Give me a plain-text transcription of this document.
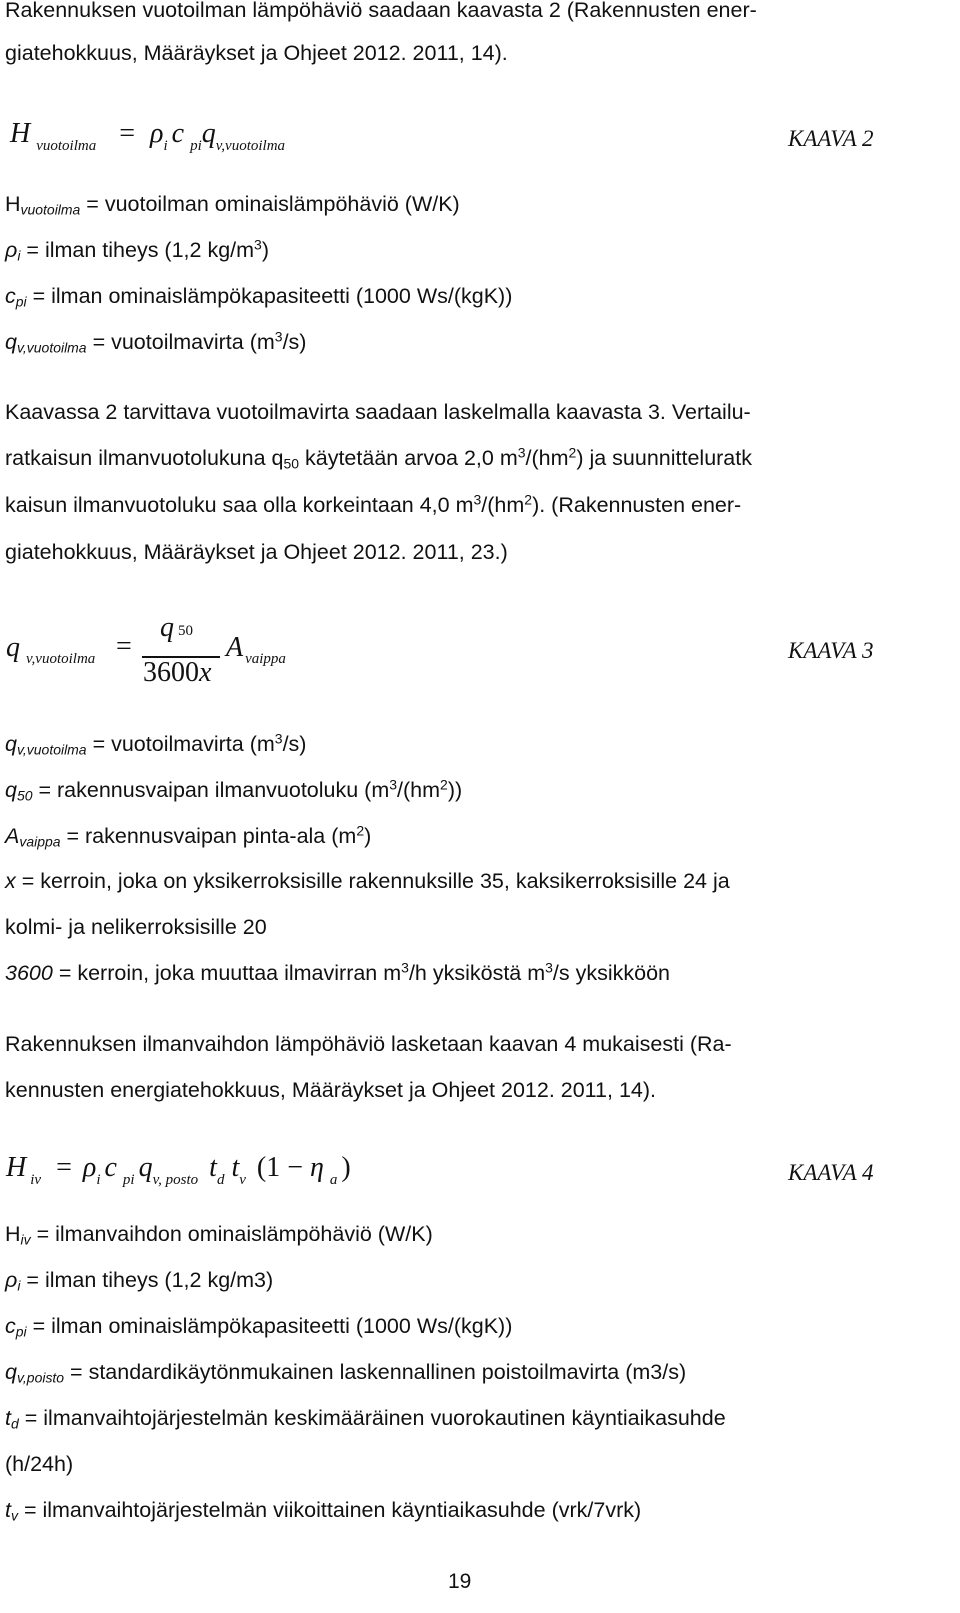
Rakennuksen vuotoilman lämpöhäviö saadaan kaavasta 2 (Rakennusten ener-
giatehokkuus, Määräykset ja Ohjeet 2012. 2011, 14).
H $_{vuotoilma} = \rho_i$ c $_{pi}q_{v,vuotoilma}$	KAAVA 2
$H_{vuotoilma}$ = vuotoilman ominaislämpöhäviö (W/K)
$\rho_i$ = ilman tiheys (1,2 $kg/m^3$)
$c_{pi}$ = ilman ominaislämpökapasiteetti (1000 Ws/(kgK))
$q_{v,vuotoilma}$ = vuotoilmavirta $(m^3/s)$
Kaavassa 2 tarvittava vuotoilmavirta saadaan laskelmalla kaavasta 3. Vertailu-
ratkaisun ilmanvuotolukuna $q_{50}$ käytetään arvoa 2,0 $m^3/(hm^2)$ ja suunnitteluratk
kaisun ilmanvuotoluku saa olla korkeintaan 4,0 $m^3/(hm^2)$. (Rakennusten ener-
giatehokkuus, Määräykset ja Ohjeet 2012. 2011, 23.)
q $_{v,vuotoilma}$ =
q 50
3600x
A $_{vaippa}$	KAAVA 3
$q_{v,vuotoilma}$ = vuotoilmavirta $(m^3/s)$
$q_{50}$ = rakennusvaipan ilmanvuotoluku $(m^3/(hm^2))$
$A_{vaippa}$ = rakennusvaipan pinta-ala $(m^2)$
x = kerroin, joka on yksikerroksisille rakennuksille 35, kaksikerroksisille 24 ja
kolmi- ja nelikerroksisille 20
3600 = kerroin, joka muuttaa ilmavirran $m^3/h$ yksiköstä $m^3/s$ yksikköön
Rakennuksen ilmanvaihdon lämpöhäviö lasketaan kaavan 4 mukaisesti (Ra-
kennusten energiatehokkuus, Määräykset ja Ohjeet 2012. 2011, 14).
H $_{iv} = \rho_i$ c $_{pi}$ $q_{v, posto}$ $t_d$ $t_v$ (1 − η $_a$ )	KAAVA 4
$H_{iv}$ = ilmanvaihdon ominaislämpöhäviö (W/K)
$\rho_i$ = ilman tiheys (1,2 kg/m3)
$c_{pi}$ = ilman ominaislämpökapasiteetti (1000 Ws/(kgK))
$q_{v,poisto}$ = standardikäytönmukainen laskennallinen poistoilmavirta (m3/s)
$t_d$ = ilmanvaihtojärjestelmän keskimääräinen vuorokautinen käyntiaikasuhde
(h/24h)
$t_v$ = ilmanvaihtojärjestelmän viikoittainen käyntiaikasuhde (vrk/7vrk)
19
